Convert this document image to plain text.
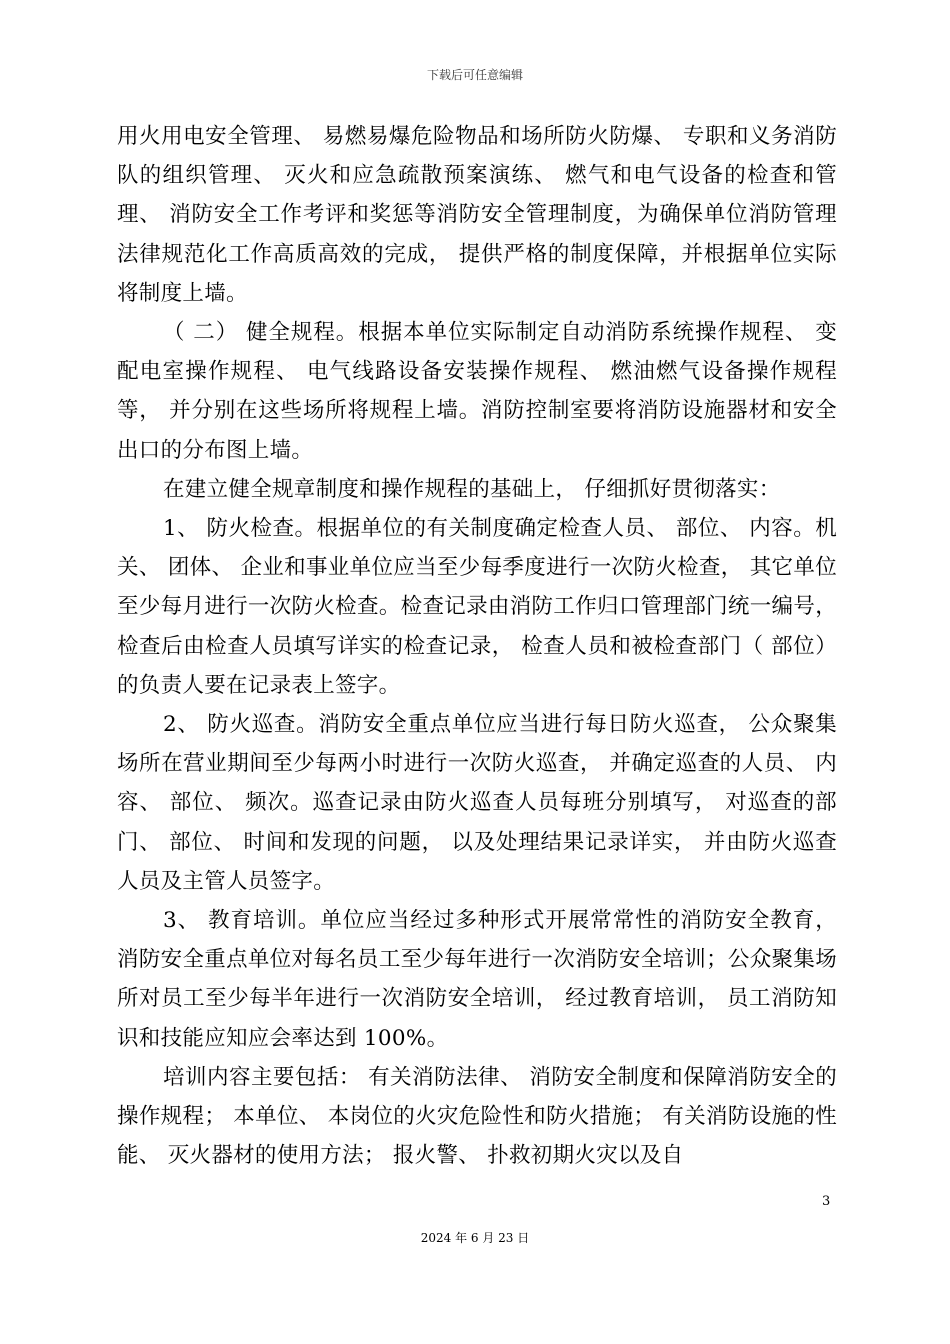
下载后可任意编辑

用火用电安全管理、 易燃易爆危险物品和场所防火防爆、 专职和义务消防队的组织管理、 灭火和应急疏散预案演练、 燃气和电气设备的检查和管理、 消防安全工作考评和奖惩等消防安全管理制度，为确保单位消防管理法律规范化工作高质高效的完成， 提供严格的制度保障，并根据单位实际将制度上墙。

（ 二） 健全规程。根据本单位实际制定自动消防系统操作规程、 变配电室操作规程、 电气线路设备安装操作规程、 燃油燃气设备操作规程等， 并分别在这些场所将规程上墙。消防控制室要将消防设施器材和安全出口的分布图上墙。

在建立健全规章制度和操作规程的基础上， 仔细抓好贯彻落实：

1、 防火检查。根据单位的有关制度确定检查人员、 部位、 内容。机关、 团体、 企业和事业单位应当至少每季度进行一次防火检查， 其它单位至少每月进行一次防火检查。检查记录由消防工作归口管理部门统一编号， 检查后由检查人员填写详实的检查记录， 检查人员和被检查部门（ 部位） 的负责人要在记录表上签字。

2、 防火巡查。消防安全重点单位应当进行每日防火巡查， 公众聚集场所在营业期间至少每两小时进行一次防火巡查， 并确定巡查的人员、 内容、 部位、 频次。巡查记录由防火巡查人员每班分别填写， 对巡查的部门、 部位、 时间和发现的问题， 以及处理结果记录详实， 并由防火巡查人员及主管人员签字。

3、 教育培训。单位应当经过多种形式开展常常性的消防安全教育， 消防安全重点单位对每名员工至少每年进行一次消防安全培训；公众聚集场所对员工至少每半年进行一次消防安全培训， 经过教育培训， 员工消防知识和技能应知应会率达到 100%。

培训内容主要包括： 有关消防法律、 消防安全制度和保障消防安全的操作规程； 本单位、 本岗位的火灾危险性和防火措施； 有关消防设施的性能、 灭火器材的使用方法； 报火警、 扑救初期火灾以及自

3
2024 年 6 月 23 日
